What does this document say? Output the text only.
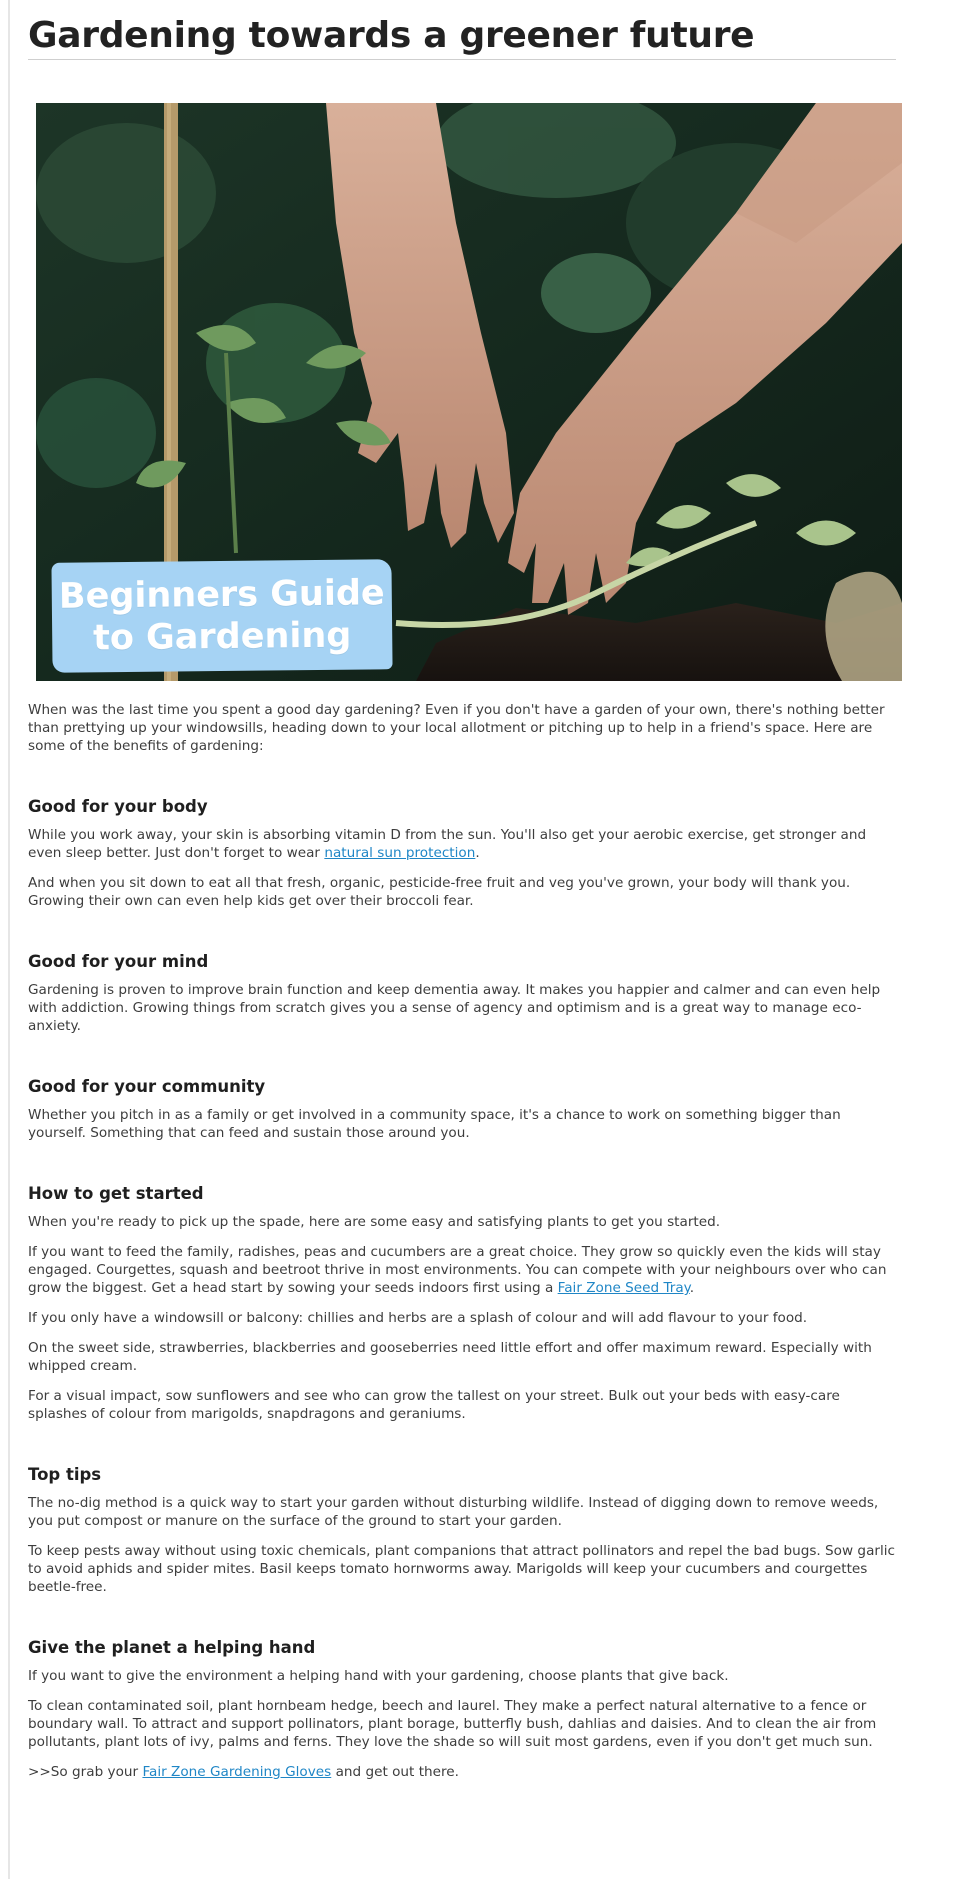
Gardening towards a greener future
Beginners Guide
to Gardening

When was the last time you spent a good day gardening? Even if you don't have a garden of your own, there's nothing better than prettying up your windowsills, heading down to your local allotment or pitching up to help in a friend's space. Here are some of the benefits of gardening:

Good for your body

While you work away, your skin is absorbing vitamin D from the sun. You'll also get your aerobic exercise, get stronger and even sleep better. Just don't forget to wear natural sun protection.

And when you sit down to eat all that fresh, organic, pesticide-free fruit and veg you've grown, your body will thank you. Growing their own can even help kids get over their broccoli fear.

Good for your mind

Gardening is proven to improve brain function and keep dementia away. It makes you happier and calmer and can even help with addiction. Growing things from scratch gives you a sense of agency and optimism and is a great way to manage eco-anxiety.

Good for your community

Whether you pitch in as a family or get involved in a community space, it's a chance to work on something bigger than yourself. Something that can feed and sustain those around you.

How to get started

When you're ready to pick up the spade, here are some easy and satisfying plants to get you started.

If you want to feed the family, radishes, peas and cucumbers are a great choice. They grow so quickly even the kids will stay engaged. Courgettes, squash and beetroot thrive in most environments. You can compete with your neighbours over who can grow the biggest. Get a head start by sowing your seeds indoors first using a Fair Zone Seed Tray.

If you only have a windowsill or balcony: chillies and herbs are a splash of colour and will add flavour to your food.

On the sweet side, strawberries, blackberries and gooseberries need little effort and offer maximum reward. Especially with whipped cream.

For a visual impact, sow sunflowers and see who can grow the tallest on your street. Bulk out your beds with easy-care splashes of colour from marigolds, snapdragons and geraniums.

Top tips

The no-dig method is a quick way to start your garden without disturbing wildlife. Instead of digging down to remove weeds, you put compost or manure on the surface of the ground to start your garden.

To keep pests away without using toxic chemicals, plant companions that attract pollinators and repel the bad bugs. Sow garlic to avoid aphids and spider mites. Basil keeps tomato hornworms away. Marigolds will keep your cucumbers and courgettes beetle-free.

Give the planet a helping hand

If you want to give the environment a helping hand with your gardening, choose plants that give back.

To clean contaminated soil, plant hornbeam hedge, beech and laurel. They make a perfect natural alternative to a fence or boundary wall. To attract and support pollinators, plant borage, butterfly bush, dahlias and daisies. And to clean the air from pollutants, plant lots of ivy, palms and ferns. They love the shade so will suit most gardens, even if you don't get much sun.

>>So grab your Fair Zone Gardening Gloves and get out there.
